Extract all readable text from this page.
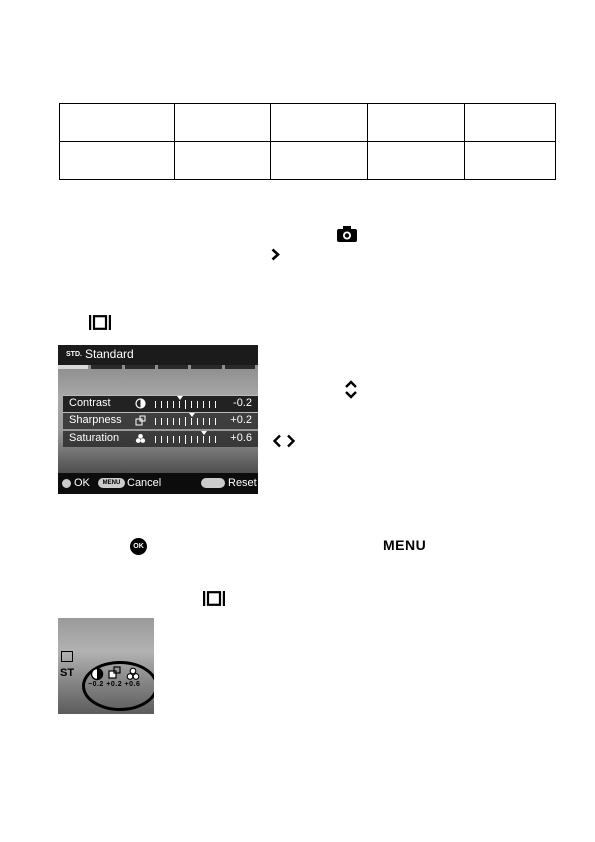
STD. Standard
Contrast	-0.2
Sharpness	+0.2
Saturation	+0.6
OK	MENU Cancel	Reset
OK	MENU
ST
−0.2 +0.2 +0.6
